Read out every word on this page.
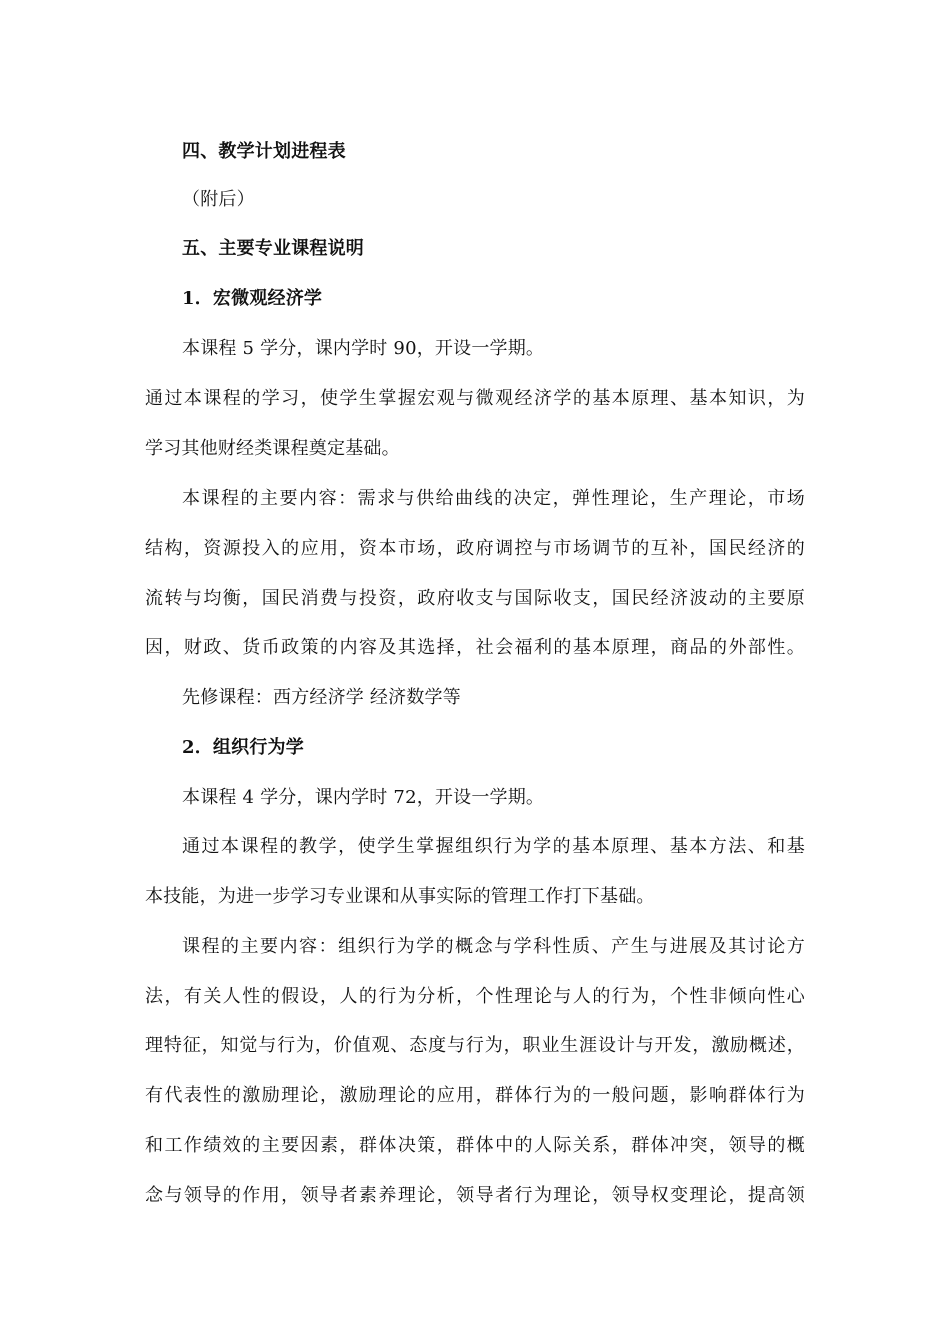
四、教学计划进程表
（附后）
五、主要专业课程说明
1．宏微观经济学
本课程 5 学分，课内学时 90，开设一学期。
通过本课程的学习，使学生掌握宏观与微观经济学的基本原理、基本知识，为
学习其他财经类课程奠定基础。
本课程的主要内容：需求与供给曲线的决定，弹性理论，生产理论，市场
结构，资源投入的应用，资本市场，政府调控与市场调节的互补，国民经济的
流转与均衡，国民消费与投资，政府收支与国际收支，国民经济波动的主要原
因，财政、货币政策的内容及其选择，社会福利的基本原理，商品的外部性。
先修课程：西方经济学 经济数学等
2．组织行为学
本课程 4 学分，课内学时 72，开设一学期。
通过本课程的教学，使学生掌握组织行为学的基本原理、基本方法、和基
本技能，为进一步学习专业课和从事实际的管理工作打下基础。
课程的主要内容：组织行为学的概念与学科性质、产生与进展及其讨论方
法，有关人性的假设，人的行为分析，个性理论与人的行为，个性非倾向性心
理特征，知觉与行为，价值观、态度与行为，职业生涯设计与开发，激励概述，
有代表性的激励理论，激励理论的应用，群体行为的一般问题，影响群体行为
和工作绩效的主要因素，群体决策，群体中的人际关系，群体冲突，领导的概
念与领导的作用，领导者素养理论，领导者行为理论，领导权变理论，提高领
